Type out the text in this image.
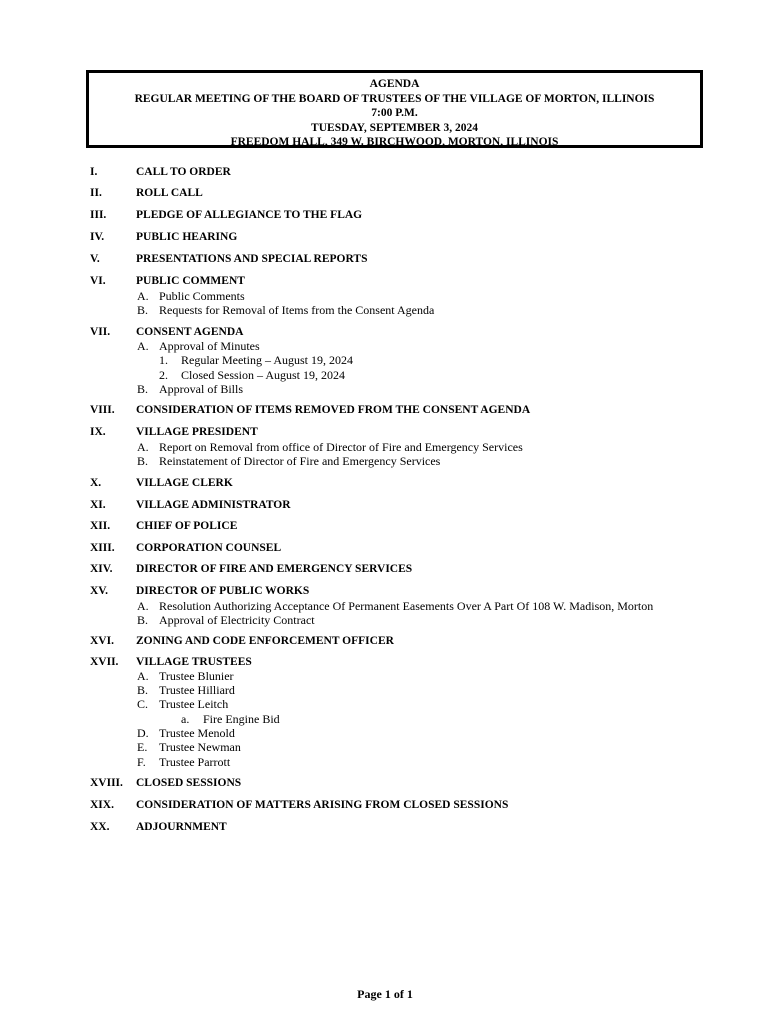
AGENDA
REGULAR MEETING OF THE BOARD OF TRUSTEES OF THE VILLAGE OF MORTON, ILLINOIS
7:00 P.M.
TUESDAY, SEPTEMBER 3, 2024
FREEDOM HALL, 349 W. BIRCHWOOD, MORTON, ILLINOIS
I.	CALL TO ORDER
II.	ROLL CALL
III.	PLEDGE OF ALLEGIANCE TO THE FLAG
IV.	PUBLIC HEARING
V.	PRESENTATIONS AND SPECIAL REPORTS
VI.	PUBLIC COMMENT
A. Public Comments
B. Requests for Removal of Items from the Consent Agenda
VII. CONSENT AGENDA
A. Approval of Minutes
1. Regular Meeting – August 19, 2024
2. Closed Session – August 19, 2024
B. Approval of Bills
VIII. CONSIDERATION OF ITEMS REMOVED FROM THE CONSENT AGENDA
IX.	VILLAGE PRESIDENT
A. Report on Removal from office of Director of Fire and Emergency Services
B. Reinstatement of Director of Fire and Emergency Services
X.	VILLAGE CLERK
XI.	VILLAGE ADMINISTRATOR
XII. CHIEF OF POLICE
XIII. CORPORATION COUNSEL
XIV. DIRECTOR OF FIRE AND EMERGENCY SERVICES
XV. DIRECTOR OF PUBLIC WORKS
A. Resolution Authorizing Acceptance Of Permanent Easements Over A Part Of 108 W. Madison, Morton
B. Approval of Electricity Contract
XVI. ZONING AND CODE ENFORCEMENT OFFICER
XVII. VILLAGE TRUSTEES
A. Trustee Blunier
B. Trustee Hilliard
C. Trustee Leitch
a. Fire Engine Bid
D. Trustee Menold
E. Trustee Newman
F. Trustee Parrott
XVIII. CLOSED SESSIONS
XIX. CONSIDERATION OF MATTERS ARISING FROM CLOSED SESSIONS
XX. ADJOURNMENT
Page 1 of 1
